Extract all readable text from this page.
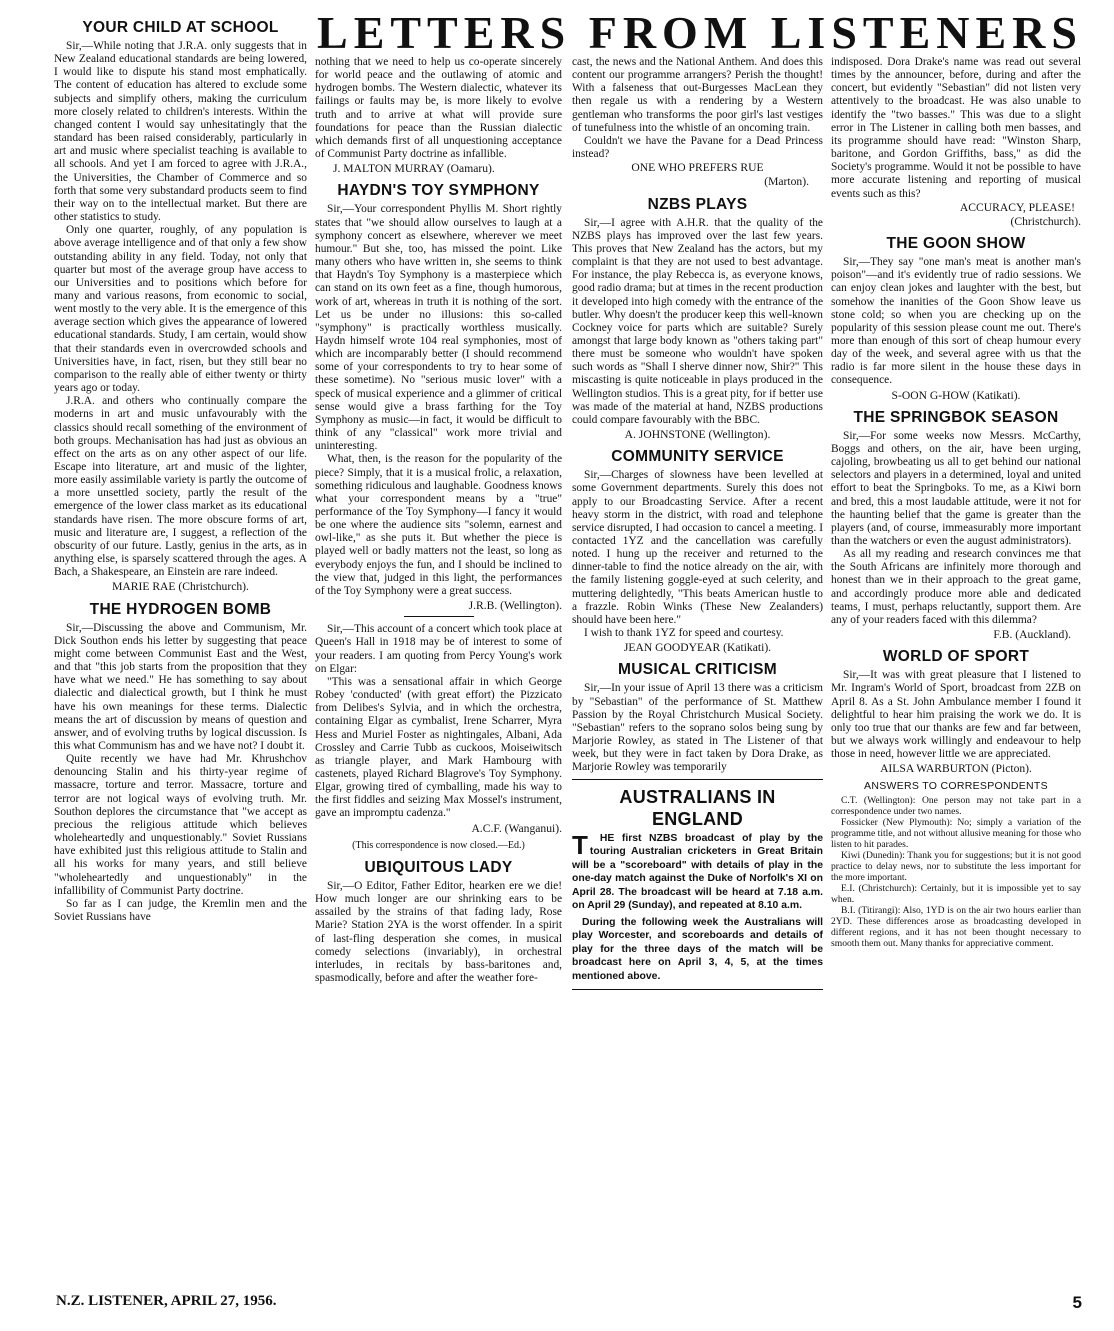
LETTERS FROM LISTENERS
YOUR CHILD AT SCHOOL

Sir,—While noting that J.R.A. only suggests that in New Zealand educational standards are being lowered, I would like to dispute his stand most emphatically. The content of education has altered to exclude some subjects and simplify others, making the curriculum more closely related to children's interests. Within the changed content I would say unhesitatingly that the standard has been raised considerably, particularly in art and music where specialist teaching is available to all schools. And yet I am forced to agree with J.R.A., the Universities, the Chamber of Commerce and so forth that some very substandard products seem to find their way on to the intellectual market. But there are other statistics to study.

Only one quarter, roughly, of any population is above average intelligence and of that only a few show outstanding ability in any field. Today, not only that quarter but most of the average group have access to our Universities and to positions which before for many and various reasons, from economic to social, went mostly to the very able. It is the emergence of this average section which gives the appearance of lowered educational standards. Study, I am certain, would show that their standards even in overcrowded schools and Universities have, in fact, risen, but they still bear no comparison to the really able of either twenty or thirty years ago or today.

J.R.A. and others who continually compare the moderns in art and music unfavourably with the classics should recall something of the environment of both groups. Mechanisation has had just as obvious an effect on the arts as on any other aspect of our life. Escape into literature, art and music of the lighter, more easily assimilable variety is partly the outcome of a more unsettled society, partly the result of the emergence of the lower class market as its educational standards have risen. The more obscure forms of art, music and literature are, I suggest, a reflection of the obscurity of our future. Lastly, genius in the arts, as in anything else, is sparsely scattered through the ages. A Bach, a Shakespeare, an Einstein are rare indeed.

MARIE RAE (Christchurch).
THE HYDROGEN BOMB

Sir,—Discussing the above and Communism, Mr. Dick Southon ends his letter by suggesting that peace might come between Communist East and the West, and that "this job starts from the proposition that they have what we need." He has something to say about dialectic and dialectical growth, but I think he must have his own meanings for these terms. Dialectic means the art of discussion by means of question and answer, and of evolving truths by logical discussion. Is this what Communism has and we have not? I doubt it.

Quite recently we have had Mr. Khrushchov denouncing Stalin and his thirty-year regime of massacre, torture and terror. Massacre, torture and terror are not logical ways of evolving truth. Mr. Southon deplores the circumstance that "we accept as precious the religious attitude which believes wholeheartedly and unquestionably." Soviet Russians have exhibited just this religious attitude to Stalin and all his works for many years, and still believe "wholeheartedly and unquestionably" in the infallibility of Communist Party doctrine.

So far as I can judge, the Kremlin men and the Soviet Russians have

nothing that we need to help us co-operate sincerely for world peace and the outlawing of atomic and hydrogen bombs. The Western dialectic, whatever its failings or faults may be, is more likely to evolve truth and to arrive at what will provide sure foundations for peace than the Russian dialectic which demands first of all unquestioning acceptance of Communist Party doctrine as infallible.

J. MALTON MURRAY (Oamaru).
HAYDN'S TOY SYMPHONY

Sir,—Your correspondent Phyllis M. Short rightly states that "we should allow ourselves to laugh at a symphony concert as elsewhere, wherever we meet humour." But she, too, has missed the point. Like many others who have written in, she seems to think that Haydn's Toy Symphony is a masterpiece which can stand on its own feet as a fine, though humorous, work of art, whereas in truth it is nothing of the sort. Let us be under no illusions: this so-called "symphony" is practically worthless musically. Haydn himself wrote 104 real symphonies, most of which are incomparably better (I should recommend some of your correspondents to try to hear some of these sometime). No "serious music lover" with a speck of musical experience and a glimmer of critical sense would give a brass farthing for the Toy Symphony as music—in fact, it would be difficult to think of any "classical" work more trivial and uninteresting.

What, then, is the reason for the popularity of the piece? Simply, that it is a musical frolic, a relaxation, something ridiculous and laughable. Goodness knows what your correspondent means by a "true" performance of the Toy Symphony—I fancy it would be one where the audience sits "solemn, earnest and owl-like," as she puts it. But whether the piece is played well or badly matters not the least, so long as everybody enjoys the fun, and I should be inclined to the view that, judged in this light, the performances of the Toy Symphony were a great success.

J.R.B. (Wellington).

Sir,—This account of a concert which took place at Queen's Hall in 1918 may be of interest to some of your readers. I am quoting from Percy Young's work on Elgar:

"This was a sensational affair in which George Robey 'conducted' (with great effort) the Pizzicato from Delibes's Sylvia, and in which the orchestra, containing Elgar as cymbalist, Irene Scharrer, Myra Hess and Muriel Foster as nightingales, Albani, Ada Crossley and Carrie Tubb as cuckoos, Moiseiwitsch as triangle player, and Mark Hambourg with castenets, played Richard Blagrove's Toy Symphony. Elgar, growing tired of cymballing, made his way to the first fiddles and seizing Max Mossel's instrument, gave an impromptu cadenza."

A.C.F. (Wanganui).
(This correspondence is now closed.—Ed.)
UBIQUITOUS LADY

Sir,—O Editor, Father Editor, hearken ere we die! How much longer are our shrinking ears to be assailed by the strains of that fading lady, Rose Marie? Station 2YA is the worst offender. In a spirit of last-fling desperation she comes, in musical comedy selections (invariably), in orchestral interludes, in recitals by bass-baritones and, spasmodically, before and after the weather fore-

cast, the news and the National Anthem. And does this content our programme arrangers? Perish the thought! With a falseness that out-Burgesses MacLean they then regale us with a rendering by a Western gentleman who transforms the poor girl's last vestiges of tunefulness into the whistle of an oncoming train.

Couldn't we have the Pavane for a Dead Princess instead?

ONE WHO PREFERS RUE
(Marton).
NZBS PLAYS

Sir,—I agree with A.H.R. that the quality of the NZBS plays has improved over the last few years. This proves that New Zealand has the actors, but my complaint is that they are not used to best advantage. For instance, the play Rebecca is, as everyone knows, good radio drama; but at times in the recent production it developed into high comedy with the entrance of the butler. Why doesn't the producer keep this well-known Cockney voice for parts which are suitable? Surely amongst that large body known as "others taking part" there must be someone who wouldn't have spoken such words as "Shall I sherve dinner now, Shir?" This miscasting is quite noticeable in plays produced in the Wellington studios. This is a great pity, for if better use was made of the material at hand, NZBS productions could compare favourably with the BBC.

A. JOHNSTONE (Wellington).
COMMUNITY SERVICE

Sir,—Charges of slowness have been levelled at some Government departments. Surely this does not apply to our Broadcasting Service. After a recent heavy storm in the district, with road and telephone service disrupted, I had occasion to cancel a meeting. I contacted 1YZ and the cancellation was carefully noted. I hung up the receiver and returned to the dinner-table to find the notice already on the air, with the family listening goggle-eyed at such celerity, and muttering delightedly, "This beats American hustle to a frazzle. Robin Winks (These New Zealanders) should have been here."

I wish to thank 1YZ for speed and courtesy.

JEAN GOODYEAR (Katikati).
MUSICAL CRITICISM

Sir,—In your issue of April 13 there was a criticism by "Sebastian" of the performance of St. Matthew Passion by the Royal Christchurch Musical Society. "Sebastian" refers to the soprano solos being sung by Marjorie Rowley, as stated in The Listener of that week, but they were in fact taken by Dora Drake, as Marjorie Rowley was temporarily

AUSTRALIANS IN ENGLAND
T	HE first NZBS broadcast of play by the touring Australian cricketers in Great Britain will be a "scoreboard" with details of play in the one-day match against the Duke of Norfolk's XI on April 28. The broadcast will be heard at 7.18 a.m. on April 29 (Sunday), and repeated at 8.10 a.m.

During the following week the Australians will play Worcester, and scoreboards and details of play for the three days of the match will be broadcast here on April 3, 4, 5, at the times mentioned above.

indisposed. Dora Drake's name was read out several times by the announcer, before, during and after the concert, but evidently "Sebastian" did not listen very attentively to the broadcast. He was also unable to identify the "two basses." This was due to a slight error in The Listener in calling both men basses, and its programme should have read: "Winston Sharp, baritone, and Gordon Griffiths, bass," as did the Society's programme. Would it not be possible to have more accurate listening and reporting of musical events such as this?

ACCURACY, PLEASE!
(Christchurch).
THE GOON SHOW

Sir,—They say "one man's meat is another man's poison"—and it's evidently true of radio sessions. We can enjoy clean jokes and laughter with the best, but somehow the inanities of the Goon Show leave us stone cold; so when you are checking up on the popularity of this session please count me out. There's more than enough of this sort of cheap humour every day of the week, and several agree with us that the radio is far more silent in the house these days in consequence.

S-OON G-HOW (Katikati).
THE SPRINGBOK SEASON

Sir,—For some weeks now Messrs. McCarthy, Boggs and others, on the air, have been urging, cajoling, browbeating us all to get behind our national selectors and players in a determined, loyal and united effort to beat the Springboks. To me, as a Kiwi born and bred, this a most laudable attitude, were it not for the haunting belief that the game is greater than the players (and, of course, immeasurably more important than the watchers or even the august administrators).

As all my reading and research convinces me that the South Africans are infinitely more thorough and honest than we in their approach to the great game, and accordingly produce more able and dedicated teams, I must, perhaps reluctantly, support them. Are any of your readers faced with this dilemma?

F.B. (Auckland).
WORLD OF SPORT

Sir,—It was with great pleasure that I listened to Mr. Ingram's World of Sport, broadcast from 2ZB on April 8. As a St. John Ambulance member I found it delightful to hear him praising the work we do. It is only too true that our thanks are few and far between, but we always work willingly and endeavour to help those in need, however little we are appreciated.

AILSA WARBURTON (Picton).
ANSWERS TO CORRESPONDENTS

C.T. (Wellington): One person may not take part in a correspondence under two names.

Fossicker (New Plymouth): No; simply a variation of the programme title, and not without allusive meaning for those who listen to hit parades.

Kiwi (Dunedin): Thank you for suggestions; but it is not good practice to delay news, nor to substitute the less important for the more important.

E.I. (Christchurch): Certainly, but it is impossible yet to say when.

B.I. (Titirangi): Also, 1YD is on the air two hours earlier than 2YD. These differences arose as broadcasting developed in different regions, and it has not been thought necessary to smooth them out. Many thanks for appreciative comment.

N.Z. LISTENER, APRIL 27, 1956.	5
